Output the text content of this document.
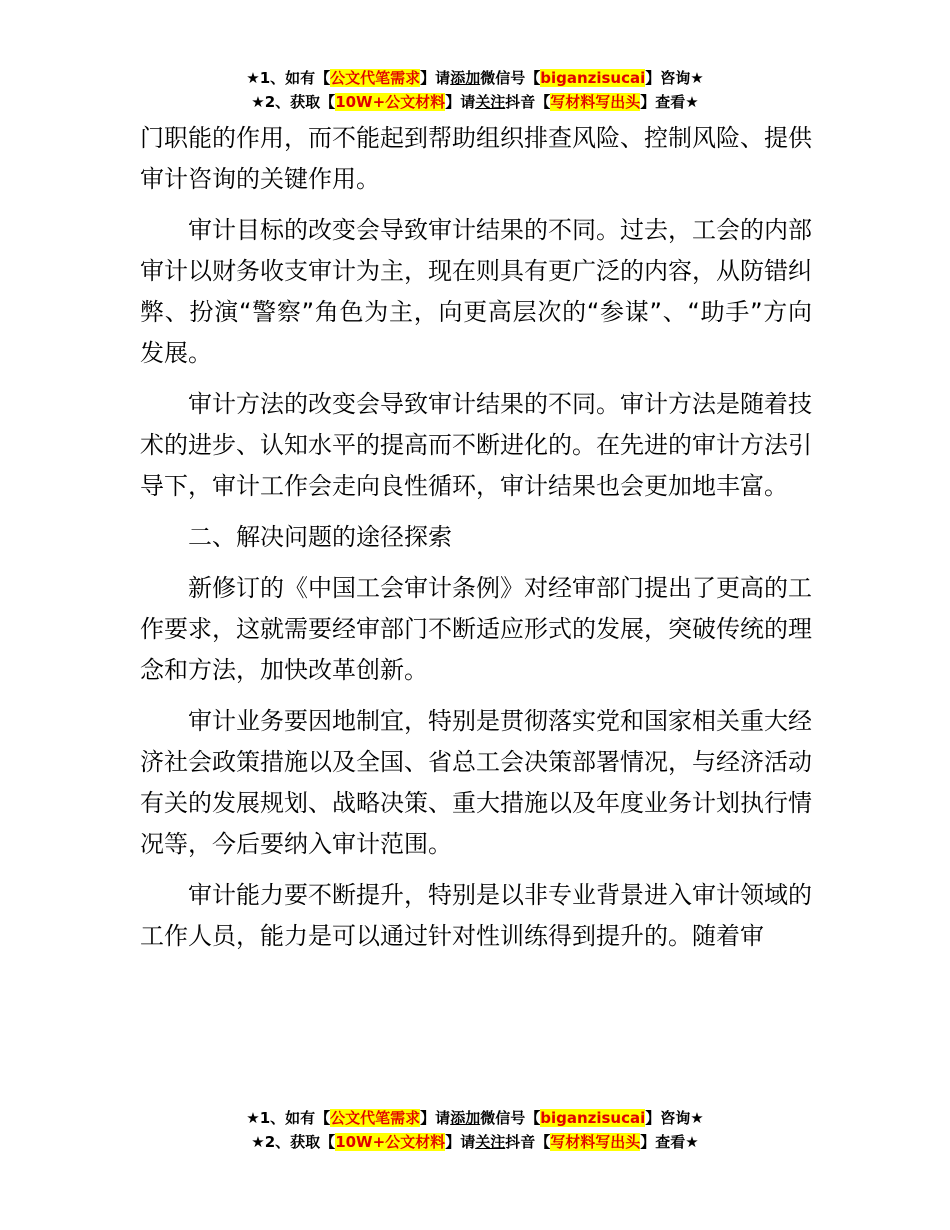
★1、如有【公文代笔需求】请添加微信号【biganzisucai】咨询★
★2、获取【10W+公文材料】请关注抖音【写材料写出头】查看★

门职能的作用，而不能起到帮助组织排查风险、控制风险、提供审计咨询的关键作用。

审计目标的改变会导致审计结果的不同。过去，工会的内部审计以财务收支审计为主，现在则具有更广泛的内容，从防错纠弊、扮演“警察”角色为主，向更高层次的“参谋”、“助手”方向发展。

审计方法的改变会导致审计结果的不同。审计方法是随着技术的进步、认知水平的提高而不断进化的。在先进的审计方法引导下，审计工作会走向良性循环，审计结果也会更加地丰富。

二、解决问题的途径探索

新修订的《中国工会审计条例》对经审部门提出了更高的工作要求，这就需要经审部门不断适应形式的发展，突破传统的理念和方法，加快改革创新。

审计业务要因地制宜，特别是贯彻落实党和国家相关重大经济社会政策措施以及全国、省总工会决策部署情况，与经济活动有关的发展规划、战略决策、重大措施以及年度业务计划执行情况等，今后要纳入审计范围。

审计能力要不断提升，特别是以非专业背景进入审计领域的工作人员，能力是可以通过针对性训练得到提升的。随着审

★1、如有【公文代笔需求】请添加微信号【biganzisucai】咨询★
★2、获取【10W+公文材料】请关注抖音【写材料写出头】查看★
